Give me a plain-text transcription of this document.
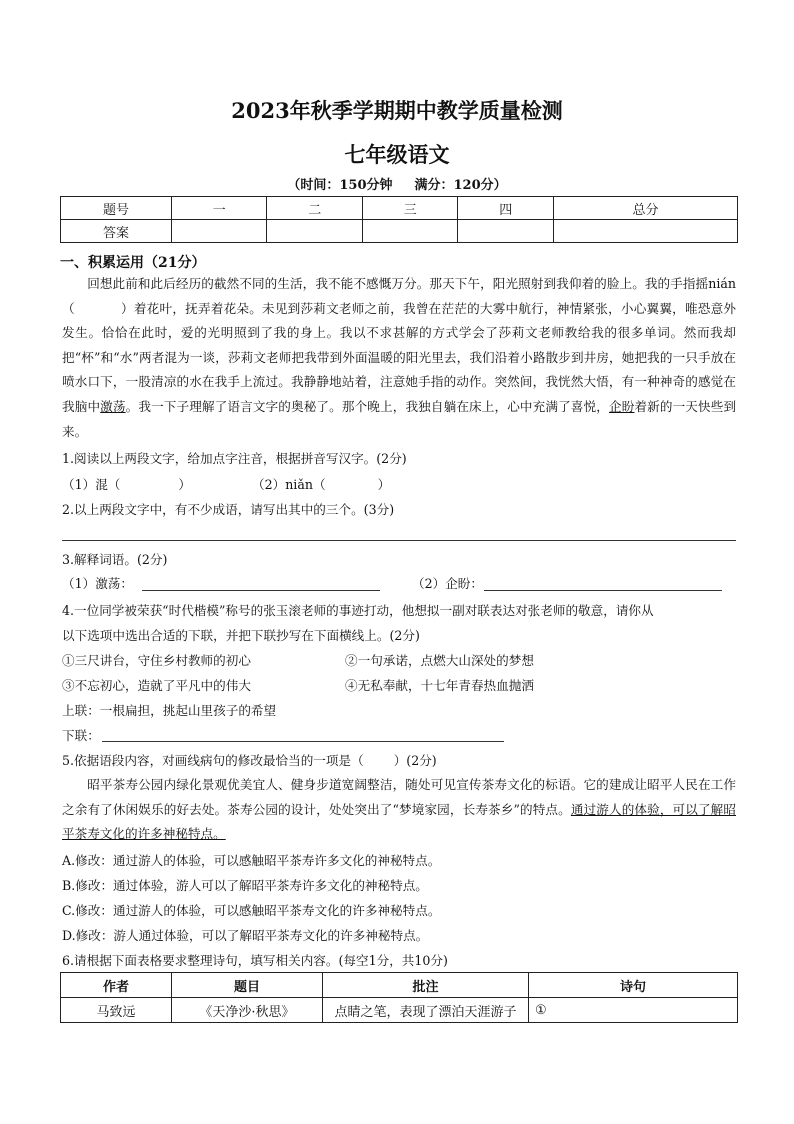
2023年秋季学期期中教学质量检测
七年级语文
（时间：150分钟 满分：120分）
题号	一	二	三	四	总分
答案					
一、积累运用（21分）

回想此前和此后经历的截然不同的生活，我不能不感慨万分。那天下午，阳光照射到我仰着的脸上。我的手指摇nián（	）着花叶，抚弄着花朵。未见到莎莉文老师之前，我曾在茫茫的大雾中航行，神情紧张，小心翼翼，唯恐意外发生。恰恰在此时，爱的光明照到了我的身上。我以不求甚解的方式学会了莎莉文老师教给我的很多单词。然而我却把“杯”和“水”两者混为一谈，莎莉文老师把我带到外面温暖的阳光里去，我们沿着小路散步到井房，她把我的一只手放在喷水口下，一股清凉的水在我手上流过。我静静地站着，注意她手指的动作。突然间，我恍然大悟，有一种神奇的感觉在我脑中激荡。我一下子理解了语言文字的奥秘了。那个晚上，我独自躺在床上，心中充满了喜悦，企盼着新的一天快些到来。

1.阅读以上两段文字，给加点字注音，根据拼音写汉字。(2分)
（1）混（	）	（2）niǎn（	）
2.以上两段文字中，有不少成语，请写出其中的三个。(3分)
3.解释词语。(2分)
（1）激荡：	（2）企盼：
4.一位同学被荣获“时代楷模”称号的张玉滚老师的事迹打动，他想拟一副对联表达对张老师的敬意，请你从
以下选项中选出合适的下联，并把下联抄写在下面横线上。(2分)
①三尺讲台，守住乡村教师的初心	②一句承诺，点燃大山深处的梦想
③不忘初心，造就了平凡中的伟大	④无私奉献，十七年青春热血抛洒
上联：一根扁担，挑起山里孩子的希望
下联：
5.依据语段内容，对画线病句的修改最恰当的一项是（ ）(2分)

昭平茶寿公园内绿化景观优美宜人、健身步道宽阔整洁，随处可见宣传茶寿文化的标语。它的建成让昭平人民在工作之余有了休闲娱乐的好去处。茶寿公园的设计，处处突出了“梦境家园，长寿茶乡”的特点。通过游人的体验，可以了解昭平茶寿文化的许多神秘特点。

A.修改：通过游人的体验，可以感触昭平茶寿许多文化的神秘特点。
B.修改：通过体验，游人可以了解昭平茶寿许多文化的神秘特点。
C.修改：通过游人的体验，可以感触昭平茶寿文化的许多神秘特点。
D.修改：游人通过体验，可以了解昭平茶寿文化的许多神秘特点。
6.请根据下面表格要求整理诗句，填写相关内容。(每空1分，共10分)
作者	题目	批注	诗句
马致远	《天净沙·秋思》	点睛之笔，表现了漂泊天涯游子	①
